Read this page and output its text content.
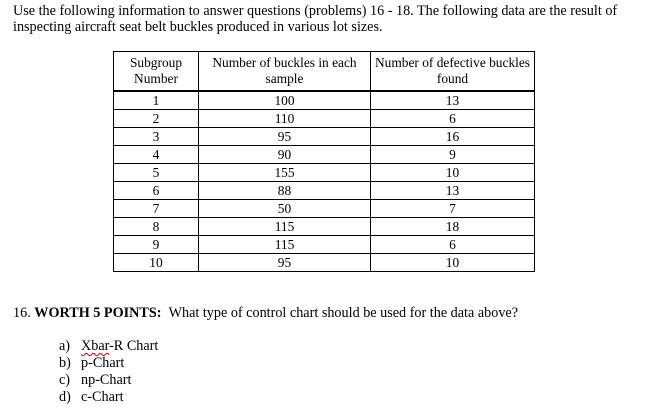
Use the following information to answer questions (problems) 16 - 18. The following data are the result of inspecting aircraft seat belt buckles produced in various lot sizes.

Subgroup Number	Number of buckles in each sample	Number of defective buckles found
1	100	13
2	110	6
3	95	16
4	90	9
5	155	10
6	88	13
7	50	7
8	115	18
9	115	6
10	95	10
16. WORTH 5 POINTS: What type of control chart should be used for the data above?
a) Xbar-R Chart
b) p-Chart
c) np-Chart
d) c-Chart
